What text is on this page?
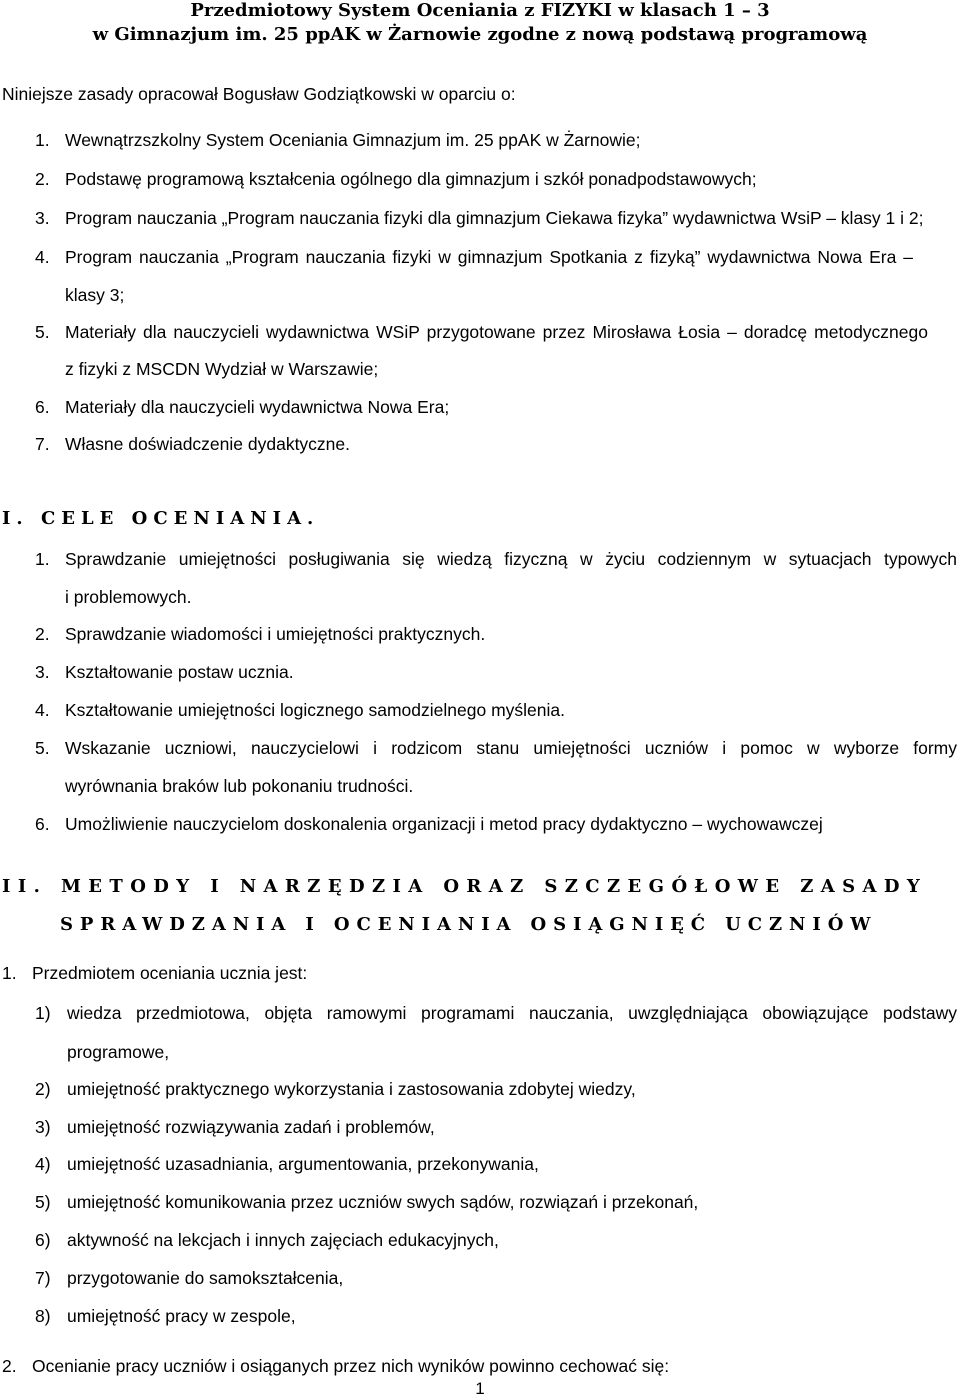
Przedmiotowy System Oceniania z FIZYKI w klasach 1 – 3
w Gimnazjum im. 25 ppAK w Żarnowie zgodne z nową podstawą programową

Niniejsze zasady opracował Bogusław Godziątkowski w oparciu o:

1. Wewnątrzszkolny System Oceniania Gimnazjum im. 25 ppAK w Żarnowie;
2. Podstawę programową kształcenia ogólnego dla gimnazjum i szkół ponadpodstawowych;
3. Program nauczania „Program nauczania fizyki dla gimnazjum Ciekawa fizyka” wydawnictwa WsiP – klasy 1 i 2;
4. Program nauczania „Program nauczania fizyki w gimnazjum Spotkania z fizyką” wydawnictwa Nowa Era –
klasy 3;
5. Materiały dla nauczycieli wydawnictwa WSiP przygotowane przez Mirosława Łosia – doradcę metodycznego
z fizyki z MSCDN Wydział w Warszawie;
6. Materiały dla nauczycieli wydawnictwa Nowa Era;
7. Własne doświadczenie dydaktyczne.
I. CELE OCENIANIA.
1. Sprawdzanie umiejętności posługiwania się wiedzą fizyczną w życiu codziennym w sytuacjach typowych
i problemowych.
2. Sprawdzanie wiadomości i umiejętności praktycznych.
3. Kształtowanie postaw ucznia.
4. Kształtowanie umiejętności logicznego samodzielnego myślenia.
5. Wskazanie uczniowi, nauczycielowi i rodzicom stanu umiejętności uczniów i pomoc w wyborze formy
wyrównania braków lub pokonaniu trudności.
6. Umożliwienie nauczycielom doskonalenia organizacji i metod pracy dydaktyczno – wychowawczej
II. METODY I NARZĘDZIA ORAZ SZCZEGÓŁOWE ZASADY
SPRAWDZANIA I OCENIANIA OSIĄGNIĘĆ UCZNIÓW
1. Przedmiotem oceniania ucznia jest:
1) wiedza przedmiotowa, objęta ramowymi programami nauczania, uwzględniająca obowiązujące podstawy
programowe,
2) umiejętność praktycznego wykorzystania i zastosowania zdobytej wiedzy,
3) umiejętność rozwiązywania zadań i problemów,
4) umiejętność uzasadniania, argumentowania, przekonywania,
5) umiejętność komunikowania przez uczniów swych sądów, rozwiązań i przekonań,
6) aktywność na lekcjach i innych zajęciach edukacyjnych,
7) przygotowanie do samokształcenia,
8) umiejętność pracy w zespole,
2. Ocenianie pracy uczniów i osiąganych przez nich wyników powinno cechować się:
1
